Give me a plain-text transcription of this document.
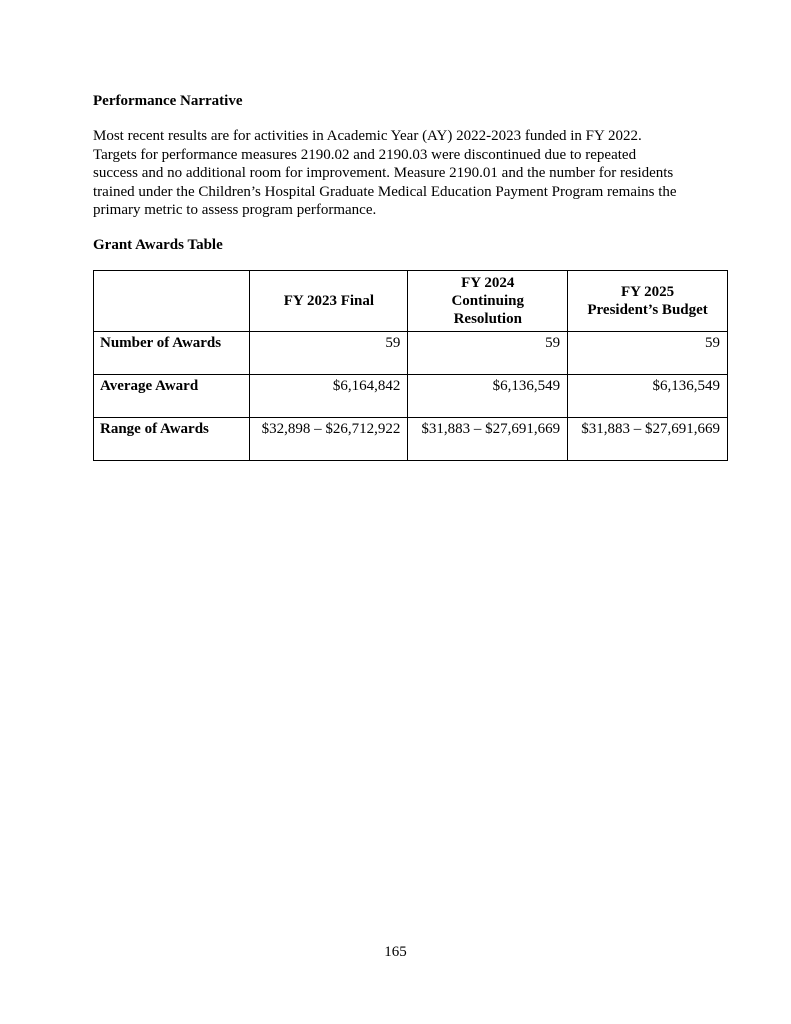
Performance Narrative
Most recent results are for activities in Academic Year (AY) 2022-2023 funded in FY 2022.
Targets for performance measures 2190.02 and 2190.03 were discontinued due to repeated
success and no additional room for improvement. Measure 2190.01 and the number for residents
trained under the Children’s Hospital Graduate Medical Education Payment Program remains the
primary metric to assess program performance.
Grant Awards Table

	FY 2023 Final	FY 2024
Continuing
Resolution	FY 2025
President’s Budget

Number of Awards	59	59	59
Average Award	$6,164,842	$6,136,549	$6,136,549
Range of Awards	$32,898 – $26,712,922	$31,883 – $27,691,669	$31,883 – $27,691,669
165
